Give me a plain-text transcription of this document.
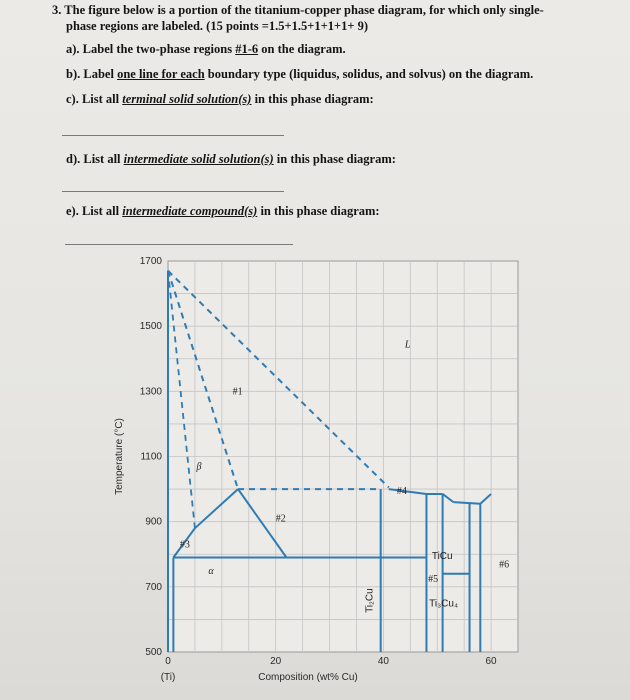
3. The figure below is a portion of the titanium-copper phase diagram, for which only single-
phase regions are labeled. (15 points =1.5+1.5+1+1+1+ 9)
a). Label the two-phase regions #1-6 on the diagram.
b). Label one line for each boundary type (liquidus, solidus, and solvus) on the diagram.
c). List all terminal solid solution(s) in this phase diagram:
d). List all intermediate solid solution(s) in this phase diagram:
e). List all intermediate compound(s) in this phase diagram:
#1
#2
#3
#4
#5
#6
L
β
α
TiCu
Ti₃Cu₄
Ti₂Cu
1700
1500
1300
1100
900
700
500
0	20	40	60
(Ti)	Composition (wt% Cu)
Temperature (°C)
